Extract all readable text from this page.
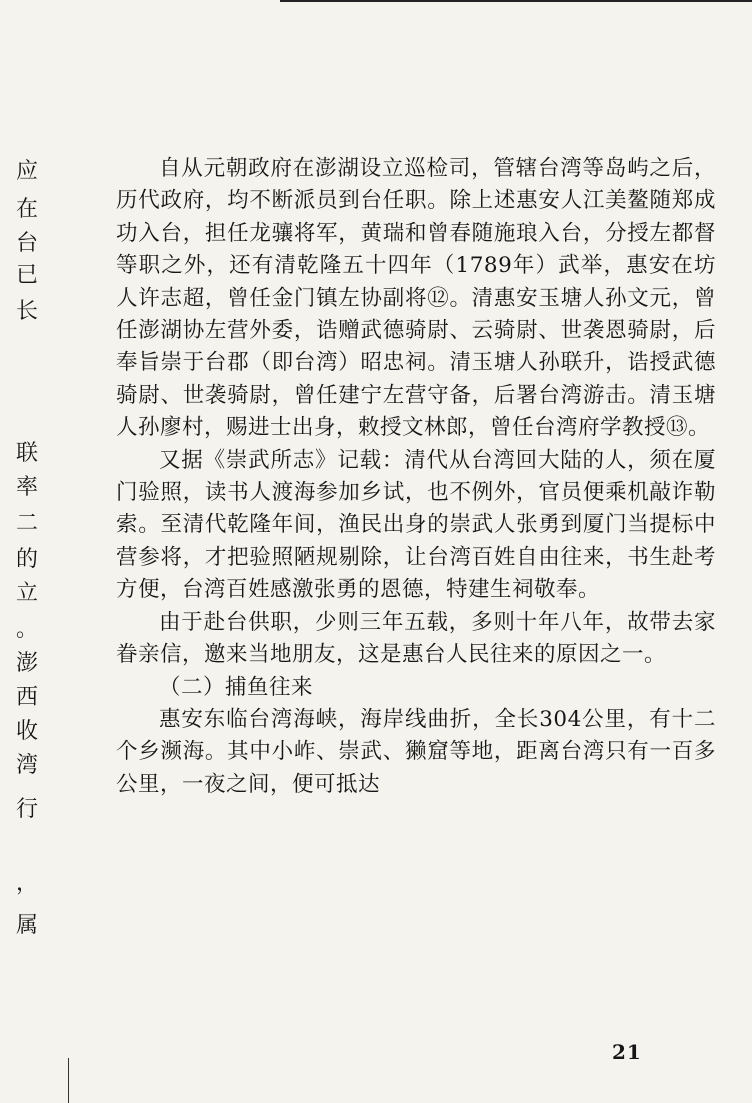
应

在

台

已

长

联

率

二

的

立

。

澎

西

收

湾

行

，

属

自从元朝政府在澎湖设立巡检司，管辖台湾等岛屿之后，历代政府，均不断派员到台任职。除上述惠安人江美鳌随郑成功入台，担任龙骧将军，黄瑞和曾春随施琅入台，分授左都督等职之外，还有清乾隆五十四年（1789年）武举，惠安在坊人许志超，曾任金门镇左协副将⑫。清惠安玉塘人孙文元，曾任澎湖协左营外委，诰赠武德骑尉、云骑尉、世袭恩骑尉，后奉旨崇于台郡（即台湾）昭忠祠。清玉塘人孙联升，诰授武德骑尉、世袭骑尉，曾任建宁左营守备，后署台湾游击。清玉塘人孙廖村，赐进士出身，敕授文林郎，曾任台湾府学教授⑬。

又据《崇武所志》记载：清代从台湾回大陆的人，须在厦门验照，读书人渡海参加乡试，也不例外，官员便乘机敲诈勒索。至清代乾隆年间，渔民出身的崇武人张勇到厦门当提标中营参将，才把验照陋规剔除，让台湾百姓自由往来，书生赴考方便，台湾百姓感激张勇的恩德，特建生祠敬奉。

由于赴台供职，少则三年五载，多则十年八年，故带去家眷亲信，邀来当地朋友，这是惠台人民往来的原因之一。

（二）捕鱼往来

惠安东临台湾海峡，海岸线曲折，全长304公里，有十二个乡濒海。其中小岞、崇武、獭窟等地，距离台湾只有一百多公里，一夜之间，便可抵达

21
